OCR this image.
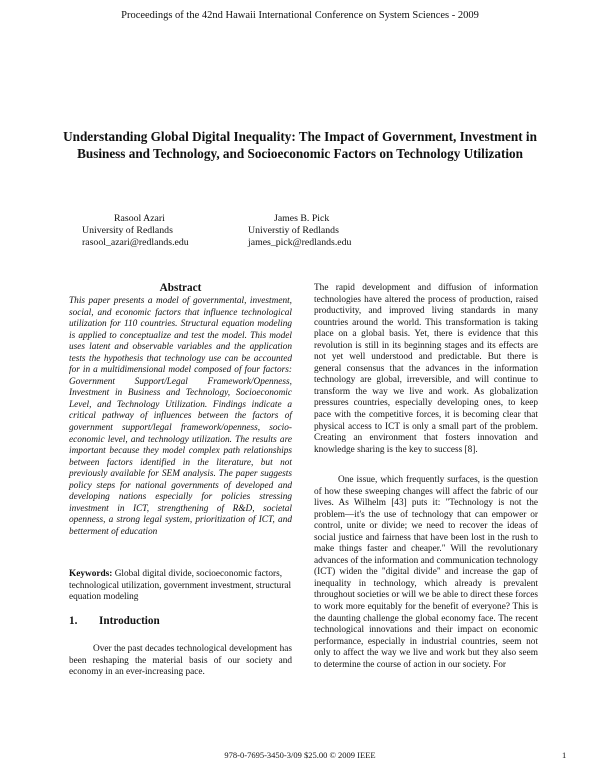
Proceedings of the 42nd Hawaii International Conference on System Sciences - 2009
Understanding Global Digital Inequality: The Impact of Government, Investment in Business and Technology, and Socioeconomic Factors on Technology Utilization
Rasool Azari
University of Redlands
rasool_azari@redlands.edu
James B. Pick
Universtiy of Redlands
james_pick@redlands.edu
Abstract
This paper presents a model of governmental, investment, social, and economic factors that influence technological utilization for 110 countries. Structural equation modeling is applied to conceptualize and test the model. This model uses latent and observable variables and the application tests the hypothesis that technology use can be accounted for in a multidimensional model composed of four factors: Government Support/Legal Framework/Openness, Investment in Business and Technology, Socioeconomic Level, and Technology Utilization. Findings indicate a critical pathway of influences between the factors of government support/legal framework/openness, socio-economic level, and technology utilization. The results are important because they model complex path relationships between factors identified in the literature, but not previously available for SEM analysis. The paper suggests policy steps for national governments of developed and developing nations especially for policies stressing investment in ICT, strengthening of R&D, societal openness, a strong legal system, prioritization of ICT, and betterment of education
Keywords: Global digital divide, socioeconomic factors, technological utilization, government investment, structural equation modeling
1. Introduction
Over the past decades technological development has been reshaping the material basis of our society and economy in an ever-increasing pace.
The rapid development and diffusion of information technologies have altered the process of production, raised productivity, and improved living standards in many countries around the world. This transformation is taking place on a global basis. Yet, there is evidence that this revolution is still in its beginning stages and its effects are not yet well understood and predictable. But there is general consensus that the advances in the information technology are global, irreversible, and will continue to transform the way we live and work. As globalization pressures countries, especially developing ones, to keep pace with the competitive forces, it is becoming clear that physical access to ICT is only a small part of the problem. Creating an environment that fosters innovation and knowledge sharing is the key to success [8].
One issue, which frequently surfaces, is the question of how these sweeping changes will affect the fabric of our lives. As Wilhelm [43] puts it: "Technology is not the problem—it's the use of technology that can empower or control, unite or divide; we need to recover the ideas of social justice and fairness that have been lost in the rush to make things faster and cheaper." Will the revolutionary advances of the information and communication technology (ICT) widen the "digital divide" and increase the gap of inequality in technology, which already is prevalent throughout societies or will we be able to direct these forces to work more equitably for the benefit of everyone? This is the daunting challenge the global economy face. The recent technological innovations and their impact on economic performance, especially in industrial countries, seem not only to affect the way we live and work but they also seem to determine the course of action in our society. For
978-0-7695-3450-3/09 $25.00 © 2009 IEEE	1
